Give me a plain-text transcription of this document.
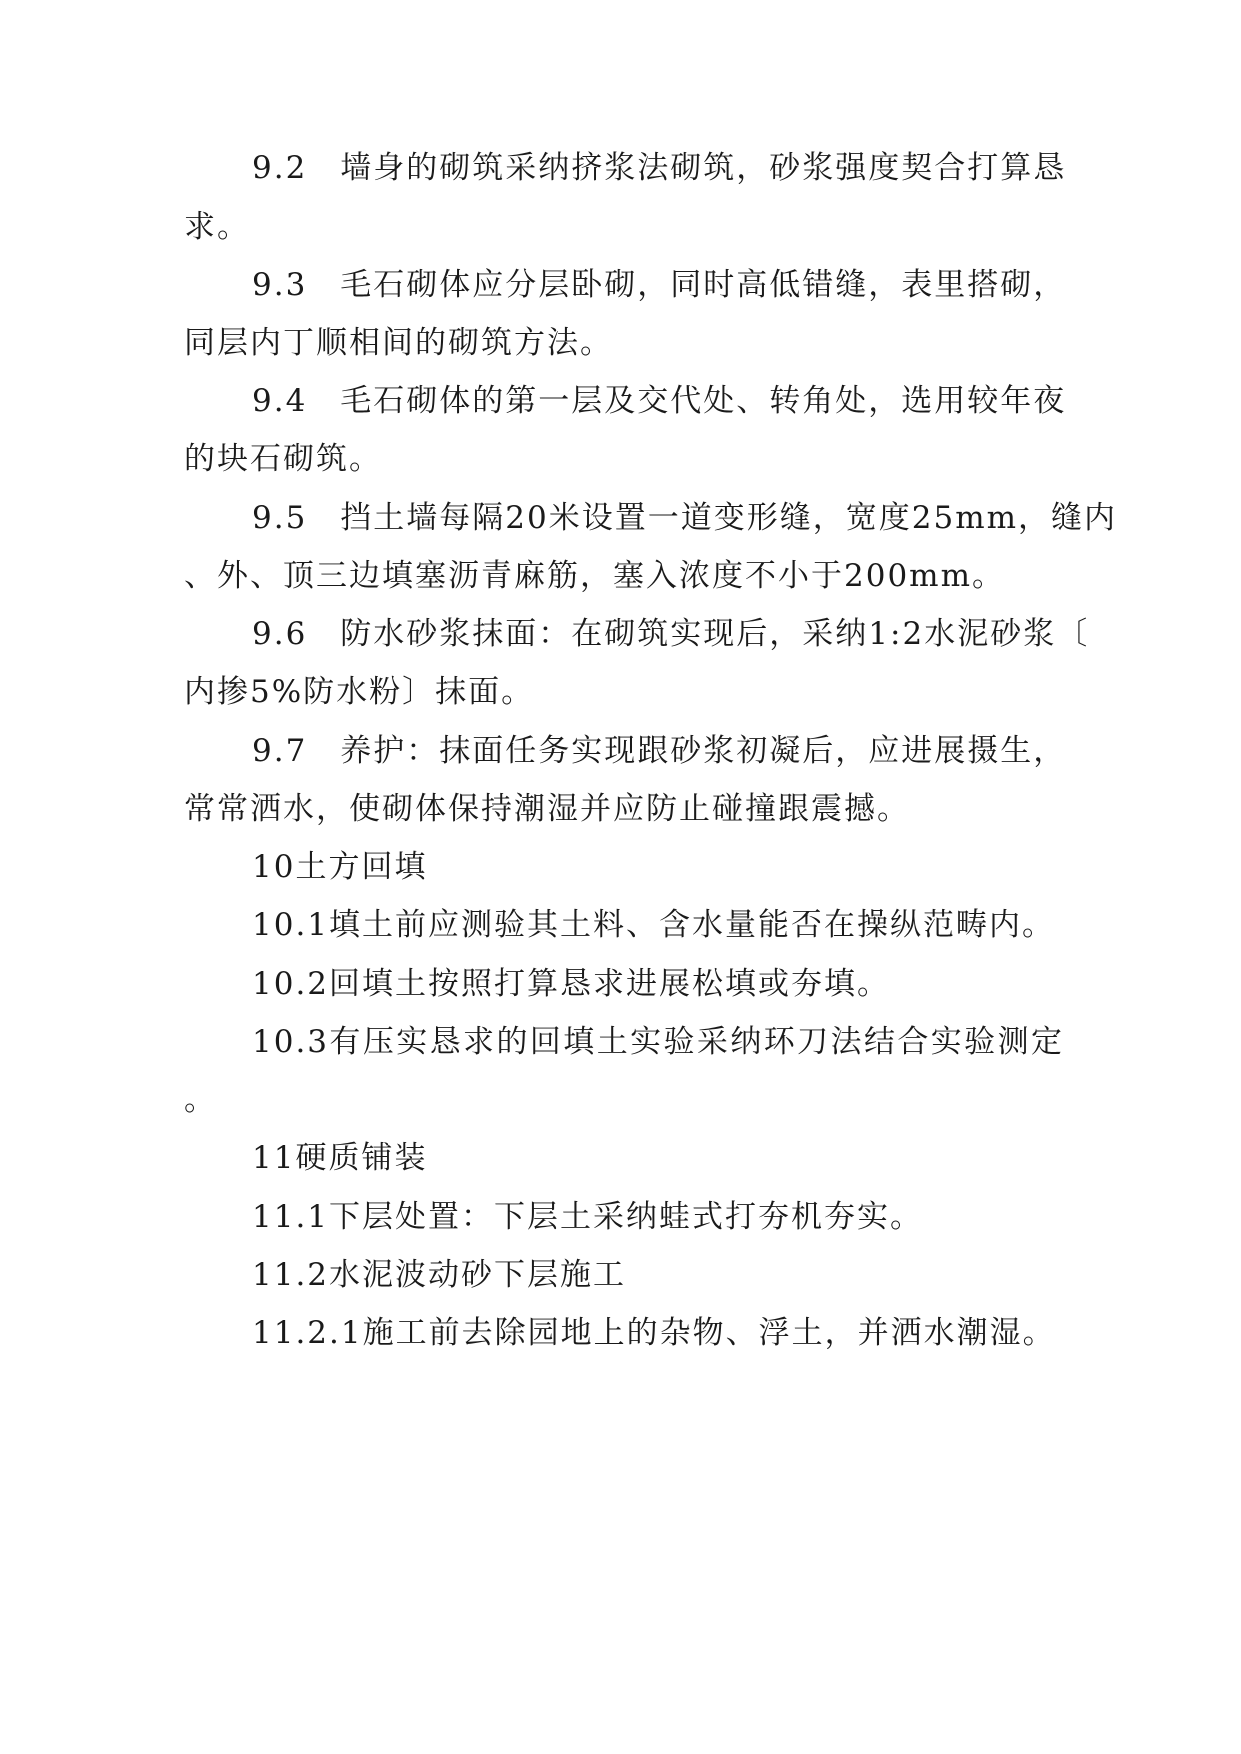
9.2　墙身的砌筑采纳挤浆法砌筑，砂浆强度契合打算恳
求。
9.3　毛石砌体应分层卧砌，同时高低错缝，表里搭砌，
同层内丁顺相间的砌筑方法。
9.4　毛石砌体的第一层及交代处、转角处，选用较年夜
的块石砌筑。
9.5　挡土墙每隔20米设置一道变形缝，宽度25mm，缝内
、外、顶三边填塞沥青麻筋，塞入浓度不小于200mm。
9.6　防水砂浆抹面：在砌筑实现后，采纳1:2水泥砂浆〔
内掺5%防水粉〕抹面。
9.7　养护：抹面任务实现跟砂浆初凝后，应进展摄生，
常常洒水，使砌体保持潮湿并应防止碰撞跟震撼。
10土方回填
10.1填土前应测验其土料、含水量能否在操纵范畴内。
10.2回填土按照打算恳求进展松填或夯填。
10.3有压实恳求的回填土实验采纳环刀法结合实验测定
。
11硬质铺装
11.1下层处置：下层土采纳蛙式打夯机夯实。
11.2水泥波动砂下层施工
11.2.1施工前去除园地上的杂物、浮土，并洒水潮湿。
